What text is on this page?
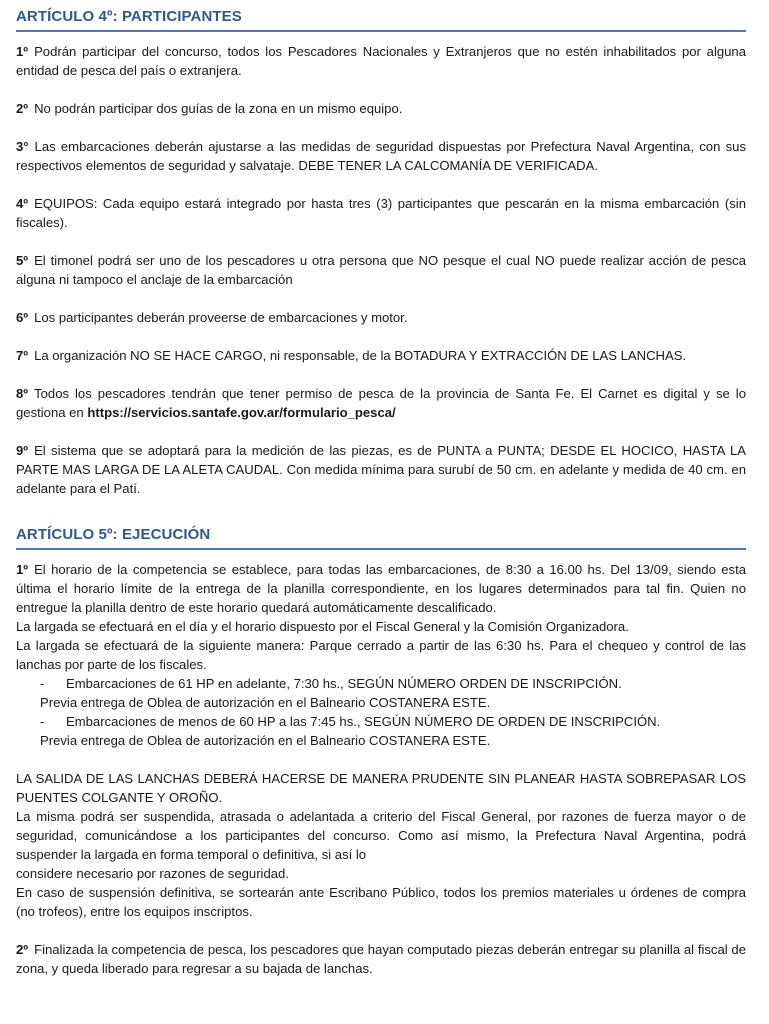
ARTÍCULO 4º: PARTICIPANTES

1º Podrán participar del concurso, todos los Pescadores Nacionales y Extranjeros que no estén inhabilitados por alguna entidad de pesca del país o extranjera.

2º No podrán participar dos guías de la zona en un mismo equipo.

3° Las embarcaciones deberán ajustarse a las medidas de seguridad dispuestas por Prefectura Naval Argentina, con sus respectivos elementos de seguridad y salvataje. DEBE TENER LA CALCOMANÍA DE VERIFICADA.

4º EQUIPOS: Cada equipo estará integrado por hasta tres (3) participantes que pescarán en la misma embarcación (sin fiscales).

5º El timonel podrá ser uno de los pescadores u otra persona que NO pesque el cual NO puede realizar acción de pesca alguna ni tampoco el anclaje de la embarcación

6º Los participantes deberán proveerse de embarcaciones y motor.

7º La organización NO SE HACE CARGO, ni responsable, de la BOTADURA Y EXTRACCIÓN DE LAS LANCHAS.

8º Todos los pescadores tendrán que tener permiso de pesca de la provincia de Santa Fe. El Carnet es digital y se lo gestiona en https://servicios.santafe.gov.ar/formulario_pesca/

9º El sistema que se adoptará para la medición de las piezas, es de PUNTA a PUNTA; DESDE EL HOCICO, HASTA LA PARTE MAS LARGA DE LA ALETA CAUDAL. Con medida mínima para surubí de 50 cm. en adelante y medida de 40 cm. en adelante para el Patí.

ARTÍCULO 5º: EJECUCIÓN

1º El horario de la competencia se establece, para todas las embarcaciones, de 8:30 a 16.00 hs. Del 13/09, siendo esta última el horario límite de la entrega de la planilla correspondiente, en los lugares determinados para tal fin. Quien no entregue la planilla dentro de este horario quedará automáticamente descalificado.

La largada se efectuará en el día y el horario dispuesto por el Fiscal General y la Comisión Organizadora.

La largada se efectuará de la siguiente manera: Parque cerrado a partir de las 6:30 hs. Para el chequeo y control de las lanchas por parte de los fiscales.

- Embarcaciones de 61 HP en adelante, 7:30 hs., SEGÚN NÚMERO ORDEN DE INSCRIPCIÓN.

Previa entrega de Oblea de autorización en el Balneario COSTANERA ESTE.

- Embarcaciones de menos de 60 HP a las 7:45 hs., SEGÚN NÚMERO DE ORDEN DE INSCRIPCIÓN.

Previa entrega de Oblea de autorización en el Balneario COSTANERA ESTE.

LA SALIDA DE LAS LANCHAS DEBERÁ HACERSE DE MANERA PRUDENTE SIN PLANEAR HASTA SOBREPASAR LOS PUENTES COLGANTE Y OROÑO.

La misma podrá ser suspendida, atrasada o adelantada a criterio del Fiscal General, por razones de fuerza mayor o de seguridad, comunicándose a los participantes del concurso. Como así mismo, la Prefectura Naval Argentina, podrá suspender la largada en forma temporal o definitiva, si así lo

considere necesario por razones de seguridad.

En caso de suspensión definitiva, se sortearán ante Escribano Público, todos los premios materiales u órdenes de compra (no trofeos), entre los equipos inscriptos.

2º Finalizada la competencia de pesca, los pescadores que hayan computado piezas deberán entregar su planilla al fiscal de zona, y queda liberado para regresar a su bajada de lanchas.
